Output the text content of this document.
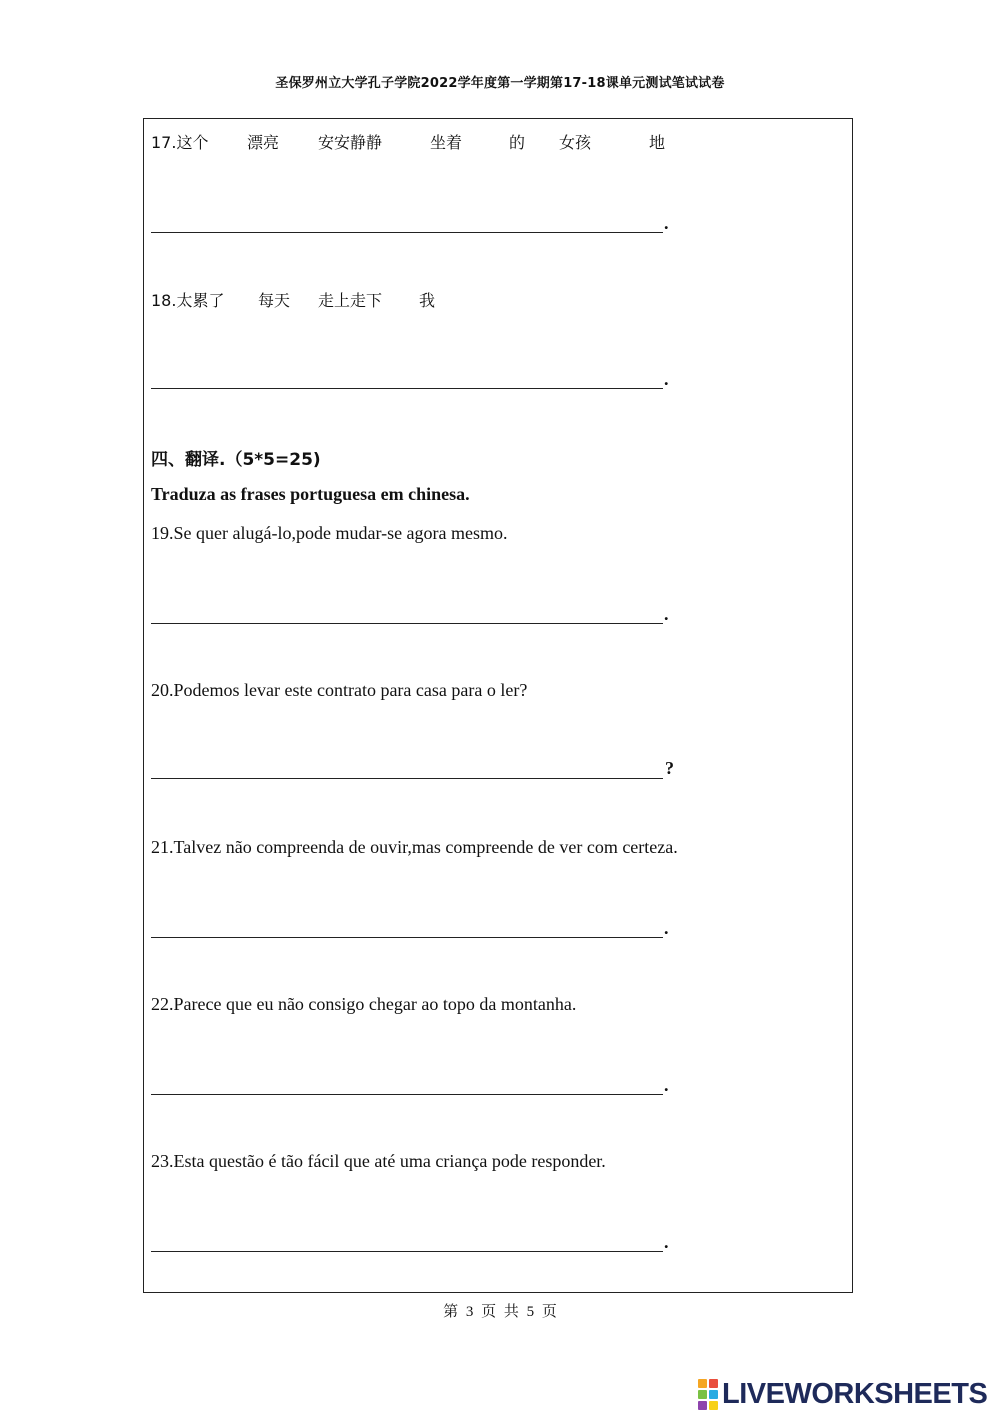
圣保罗州立大学孔子学院2022学年度第一学期第17-18课单元测试笔试试卷
17.这个 漂亮 安安静静	坐着	的 女孩	地
.
18.太累了 每天 走上走下 我
.
四、翻译.（5*5=25)
Traduza as frases portuguesa em chinesa.
19.Se quer alugá-lo,pode mudar-se agora mesmo.
.
20.Podemos levar este contrato para casa para o ler?
?
21.Talvez não compreenda de ouvir,mas compreende de ver com certeza.
.
22.Parece que eu não consigo chegar ao topo da montanha.
.
23.Esta questão é tão fácil que até uma criança pode responder.
.
第 3 页 共 5 页
LIVEWORKSHEETS
